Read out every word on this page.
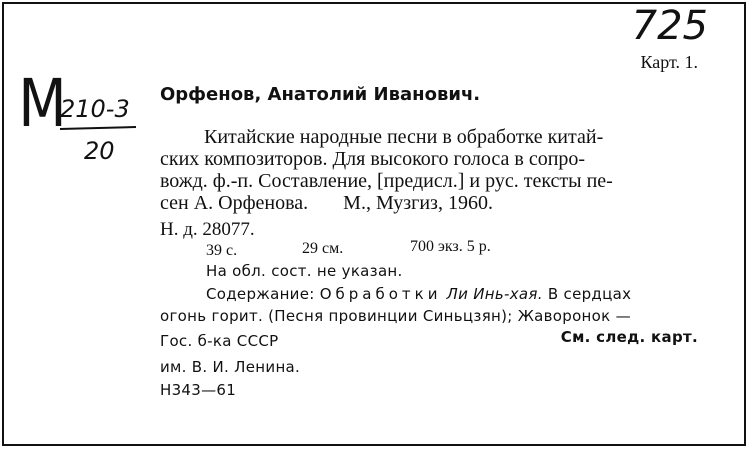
725
Карт. 1.
М
210-3
20
Орфенов, Анатолий Иванович.
Китайские народные песни в обработке китай-
ских композиторов. Для высокого голоса в сопро-
вожд. ф.-п. Составление, [предисл.] и рус. тексты пе-
сен А. Орфенова.       М., Музгиз, 1960.
Н. д. 28077.
39 с.	29 см.	700 экз. 5 р.
На обл. сост. не указан.
Содержание: Обработки Ли Инь-хая. В сердцах
огонь горит. (Песня провинции Синьцзян); Жаворонок —
Гос. б-ка СССР	См. след. карт.
им. В. И. Ленина.
Н343—61
